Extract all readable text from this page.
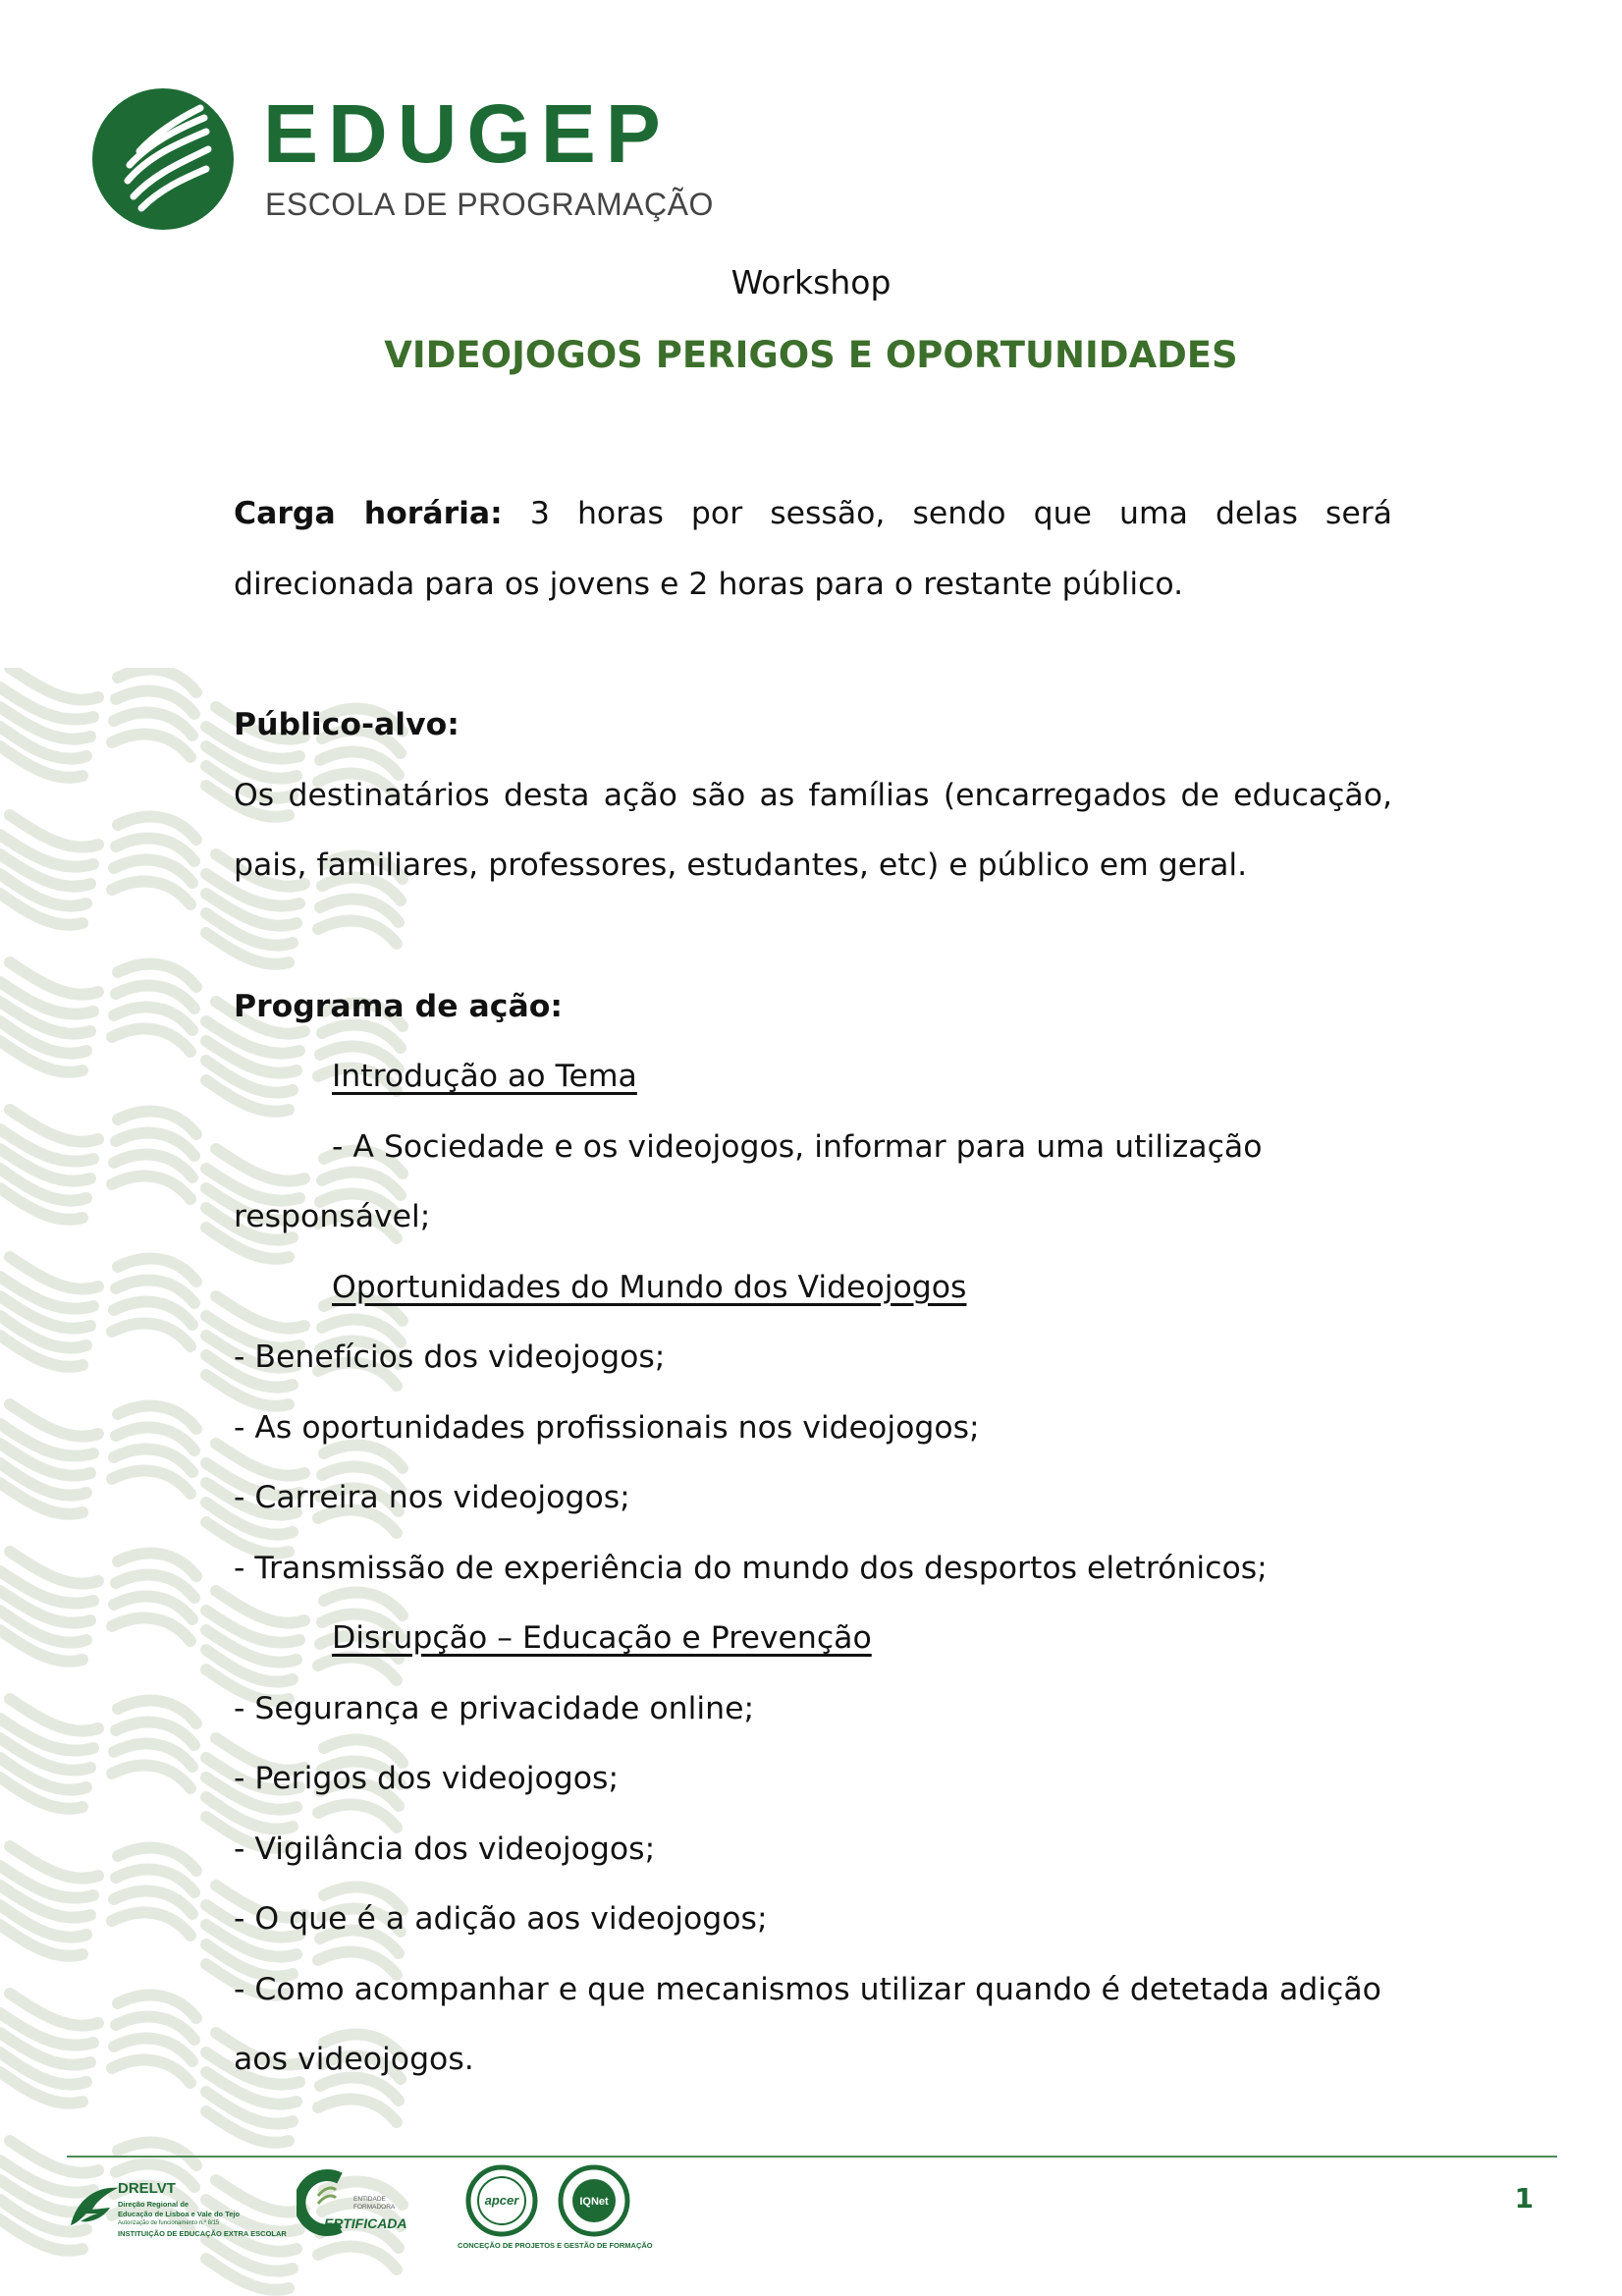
EDUGEP
ESCOLA DE PROGRAMAÇÃO
Workshop
VIDEOJOGOS PERIGOS E OPORTUNIDADES

Carga horária: 3 horas por sessão, sendo que uma delas será direcionada para os jovens e 2 horas para o restante público.

Público-alvo:

Os destinatários desta ação são as famílias (encarregados de educação, pais, familiares, professores, estudantes, etc) e público em geral.

Programa de ação:

Introdução ao Tema

- A Sociedade e os videojogos, informar para uma utilização responsável;

Oportunidades do Mundo dos Videojogos

- Benefícios dos videojogos;

- As oportunidades profissionais nos videojogos;

- Carreira nos videojogos;

- Transmissão de experiência do mundo dos desportos eletrónicos;

Disrupção – Educação e Prevenção

- Segurança e privacidade online;

- Perigos dos videojogos;

- Vigilância dos videojogos;

- O que é a adição aos videojogos;

- Como acompanhar e que mecanismos utilizar quando é detetada adição aos videojogos.

DRELVT
Direção Regional de
Educação de Lisboa e Vale do Tejo
Autorização de funcionamento n.º 8/15
INSTITUIÇÃO DE EDUCAÇÃO EXTRA ESCOLAR
ENTIDADE
FORMADORA
ERTIFICADA
apcer	IQNet
CONCEÇÃO DE PROJETOS E GESTÃO DE FORMAÇÃO
1
